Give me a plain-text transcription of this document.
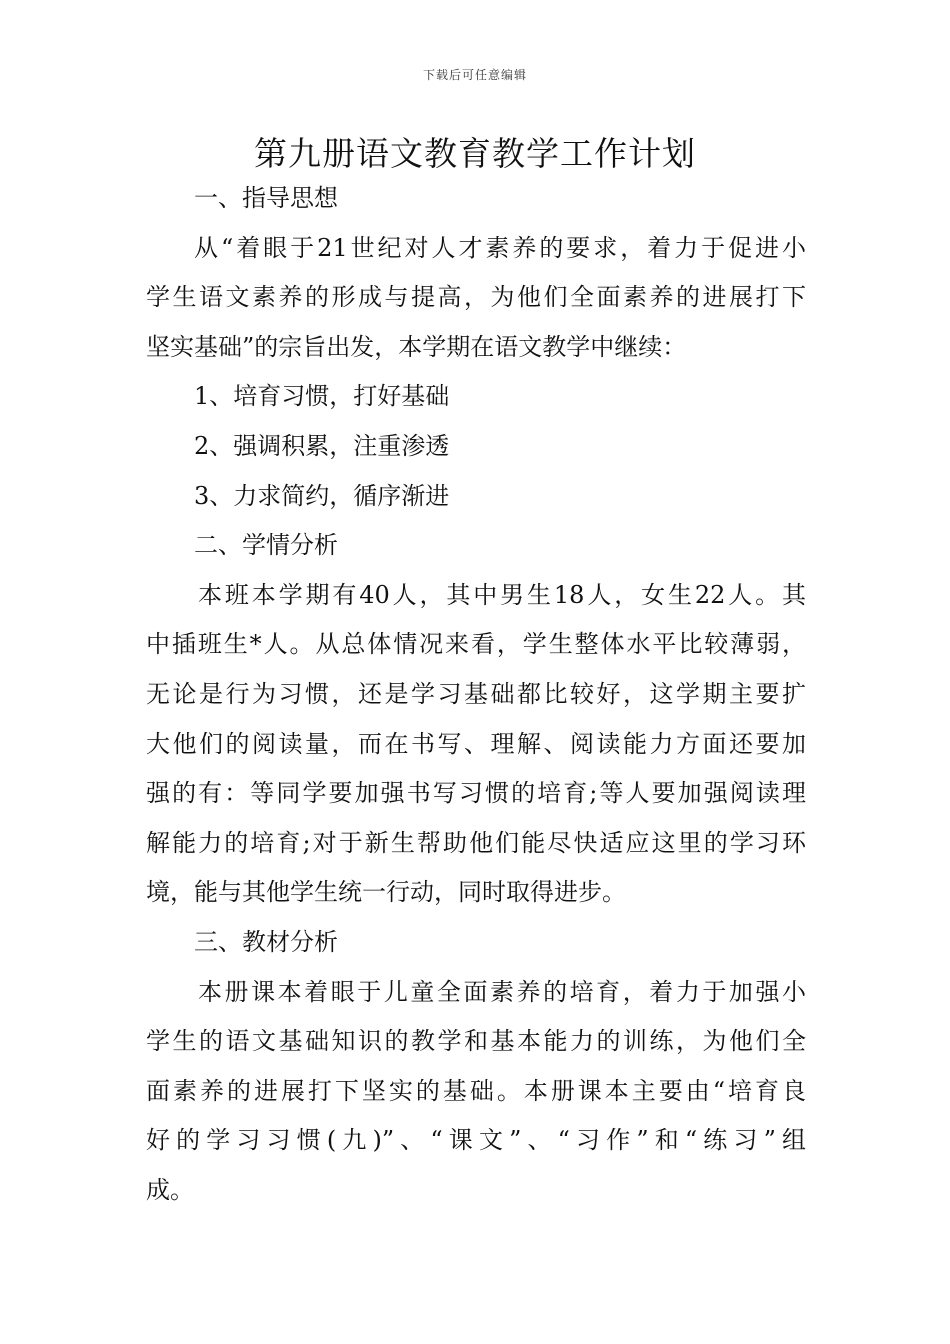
下载后可任意编辑
第九册语文教育教学工作计划
一、指导思想
从“着眼于21世纪对人才素养的要求，着力于促进小
学生语文素养的形成与提高，为他们全面素养的进展打下
坚实基础”的宗旨出发，本学期在语文教学中继续：
1、培育习惯，打好基础
2、强调积累，注重渗透
3、力求简约，循序渐进
二、学情分析
本班本学期有40人，其中男生18人，女生22人。其
中插班生*人。从总体情况来看，学生整体水平比较薄弱，
无论是行为习惯，还是学习基础都比较好，这学期主要扩
大他们的阅读量，而在书写、理解、阅读能力方面还要加
强的有：等同学要加强书写习惯的培育;等人要加强阅读理
解能力的培育;对于新生帮助他们能尽快适应这里的学习环
境，能与其他学生统一行动，同时取得进步。
三、教材分析
本册课本着眼于儿童全面素养的培育，着力于加强小
学生的语文基础知识的教学和基本能力的训练，为他们全
面素养的进展打下坚实的基础。本册课本主要由“培育良
好的学习习惯(九)”、“课文”、“习作”和“练习”组
成。
